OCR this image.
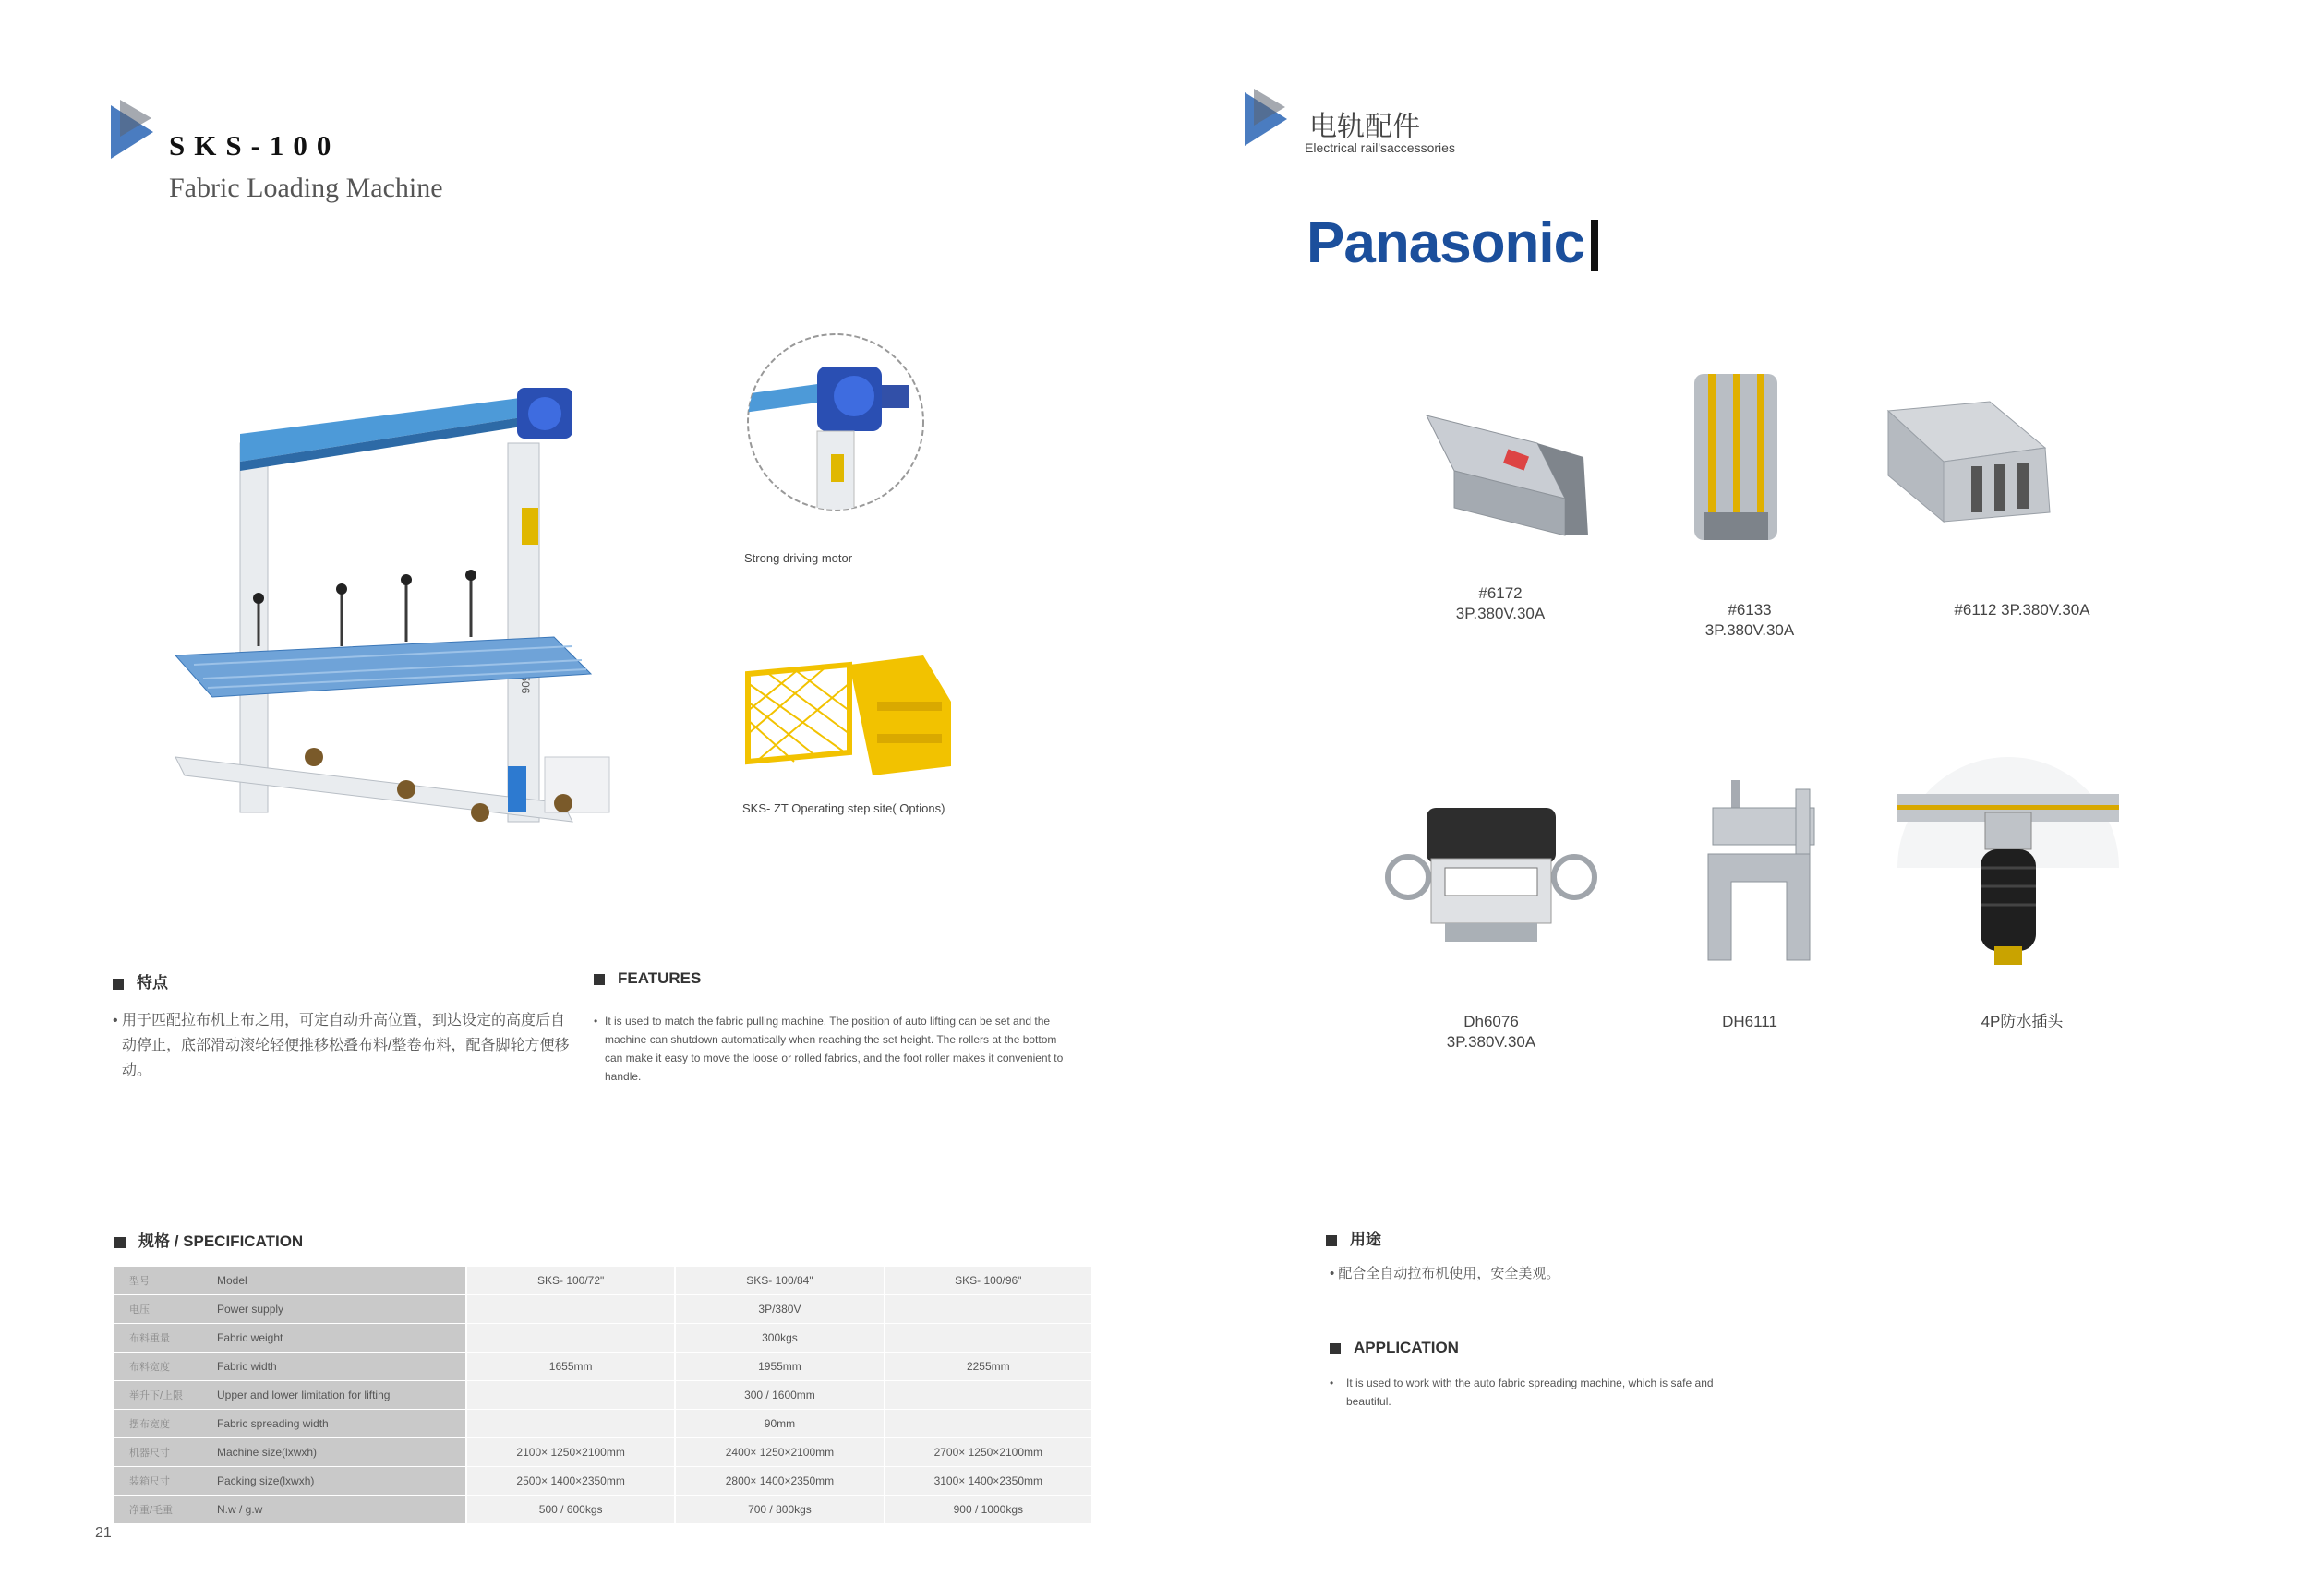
SKS-100
Fabric Loading Machine
Strong driving motor
SKS- ZT Operating step site( Options)
特点	FEATURES
• 用于匹配拉布机上布之用，可定自动升高位置，到达设定的高度后自动停止，底部滑动滚轮轻便推移松叠布料/整卷布料，配备脚轮方便移动。
• It is used to match the fabric pulling machine. The position of auto lifting can be set and the machine can shutdown automatically when reaching the set height. The rollers at the bottom can make it easy to move the loose or rolled fabrics, and the foot roller makes it convenient to handle.
规格 / SPECIFICATION
型号 Model	SKS- 100/72"	SKS- 100/84"	SKS- 100/96"
电压 Power supply		3P/380V	
布料重量 Fabric weight		300kgs	
布料宽度 Fabric width	1655mm	1955mm	2255mm
举升下/上限 Upper and lower limitation for lifting		300 / 1600mm	
摆布宽度 Fabric spreading width		90mm	
机器尺寸 Machine size(lxwxh)	2100× 1250×2100mm	2400× 1250×2100mm	2700× 1250×2100mm
装箱尺寸 Packing size(lxwxh)	2500× 1400×2350mm	2800× 1400×2350mm	3100× 1400×2350mm
净重/毛重 N.w / g.w	500 / 600kgs	700 / 800kgs	900 / 1000kgs
21
电轨配件
Electrical rail'saccessories
Panasonic
#6172
3P.380V.30A	#6133
3P.380V.30A
#6112 3P.380V.30A
Dh6076
3P.380V.30A
DH6111	4P防水插头
用途
• 配合全自动拉布机使用，安全美观。
APPLICATION
•	It is used to work with the auto fabric spreading machine, which is safe and beautiful.
